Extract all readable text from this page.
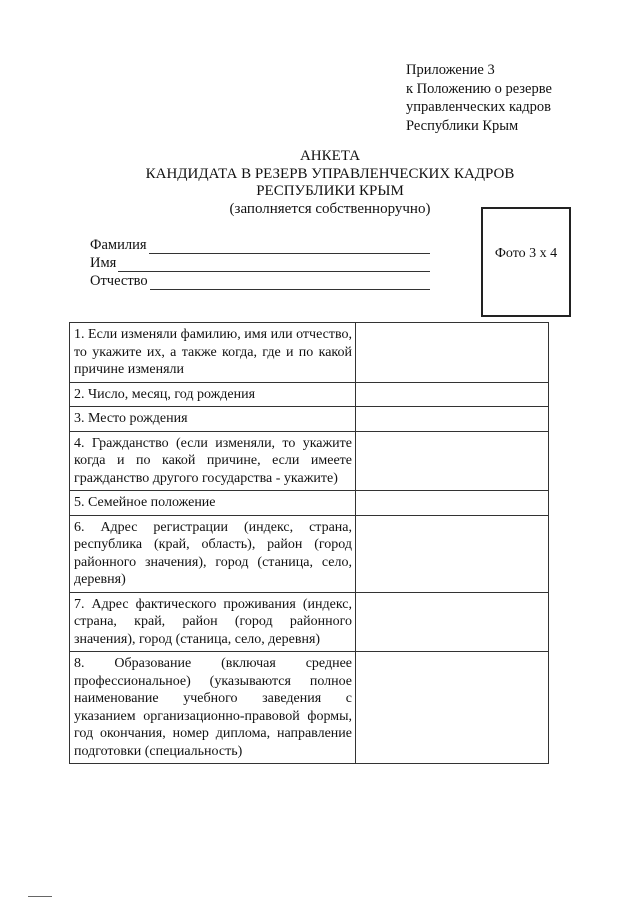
Приложение 3
к Положению о резерве
управленческих кадров
Республики Крым
АНКЕТА
КАНДИДАТА В РЕЗЕРВ УПРАВЛЕНЧЕСКИХ КАДРОВ
РЕСПУБЛИКИ КРЫМ
(заполняется собственноручно)
Фото 3 х 4
Фамилия
Имя
Отчество
1. Если изменяли фамилию, имя или отчество, то укажите их, а также когда, где и по какой причине изменяли	
2. Число, месяц, год рождения	
3. Место рождения	
4. Гражданство (если изменяли, то укажите когда и по какой причине, если имеете гражданство другого государства - укажите)	
5. Семейное положение	
6. Адрес регистрации (индекс, страна, республика (край, область), район (город районного значения), город (станица, село, деревня)	
7. Адрес фактического проживания (индекс, страна, край, район (город районного значения), город (станица, село, деревня)	
8. Образование (включая среднее профессиональное) (указываются полное наименование учебного заведения с указанием организационно-правовой формы, год окончания, номер диплома, направление подготовки (специальность)	
